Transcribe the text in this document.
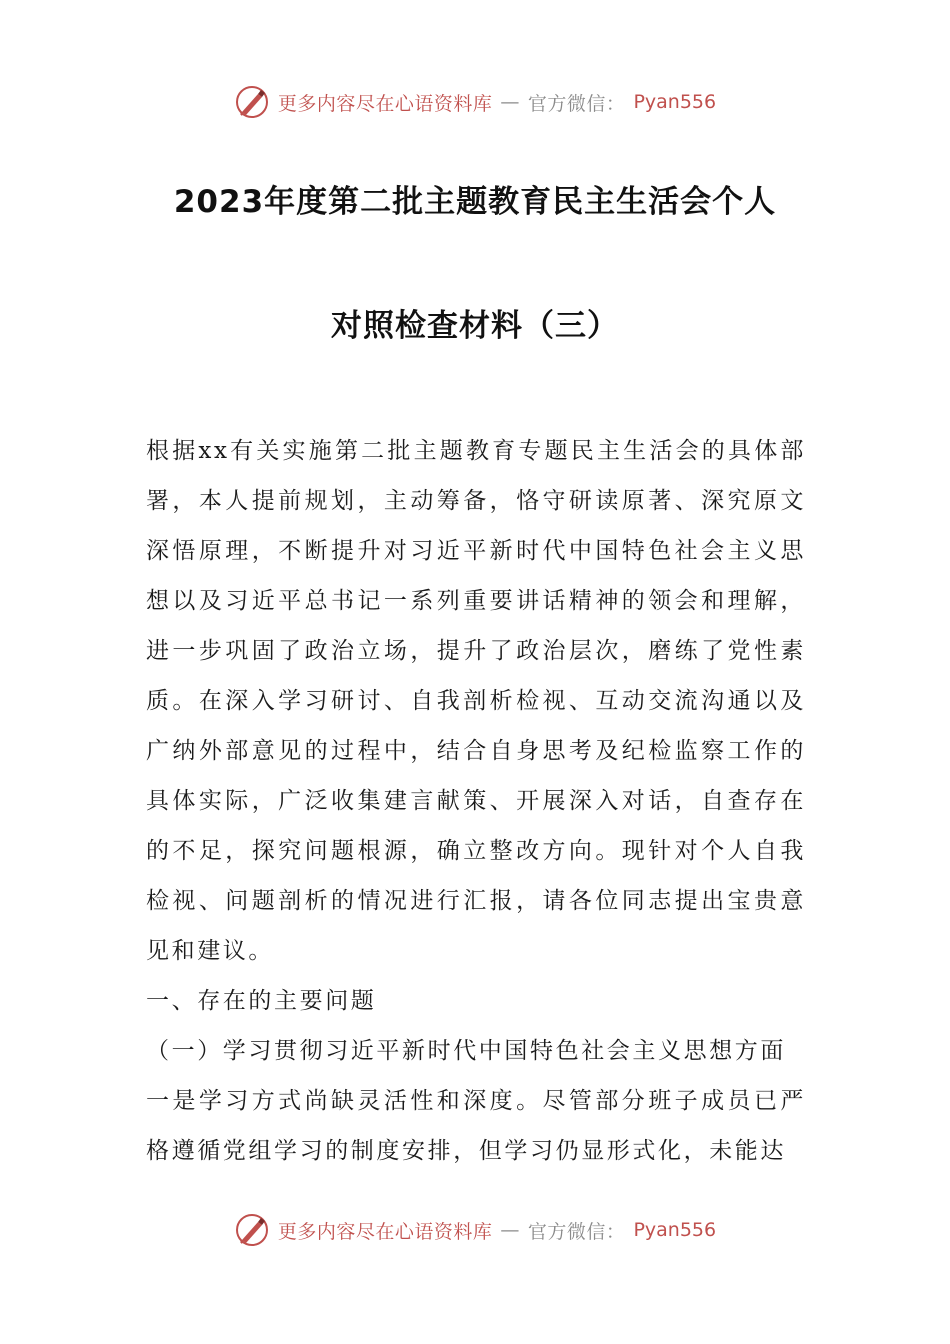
更多内容尽在心语资料库 — 官方微信： Pyan556
2023年度第二批主题教育民主生活会个人
对照检查材料（三）

根据xx有关实施第二批主题教育专题民主生活会的具体部署，本人提前规划，主动筹备，恪守研读原著、深究原文深悟原理，不断提升对习近平新时代中国特色社会主义思想以及习近平总书记一系列重要讲话精神的领会和理解，进一步巩固了政治立场，提升了政治层次，磨练了党性素质。在深入学习研讨、自我剖析检视、互动交流沟通以及广纳外部意见的过程中，结合自身思考及纪检监察工作的具体实际，广泛收集建言献策、开展深入对话，自查存在的不足，探究问题根源，确立整改方向。现针对个人自我检视、问题剖析的情况进行汇报，请各位同志提出宝贵意见和建议。

一、存在的主要问题

（一）学习贯彻习近平新时代中国特色社会主义思想方面

一是学习方式尚缺灵活性和深度。尽管部分班子成员已严格遵循党组学习的制度安排，但学习仍显形式化，未能达

更多内容尽在心语资料库 — 官方微信： Pyan556
